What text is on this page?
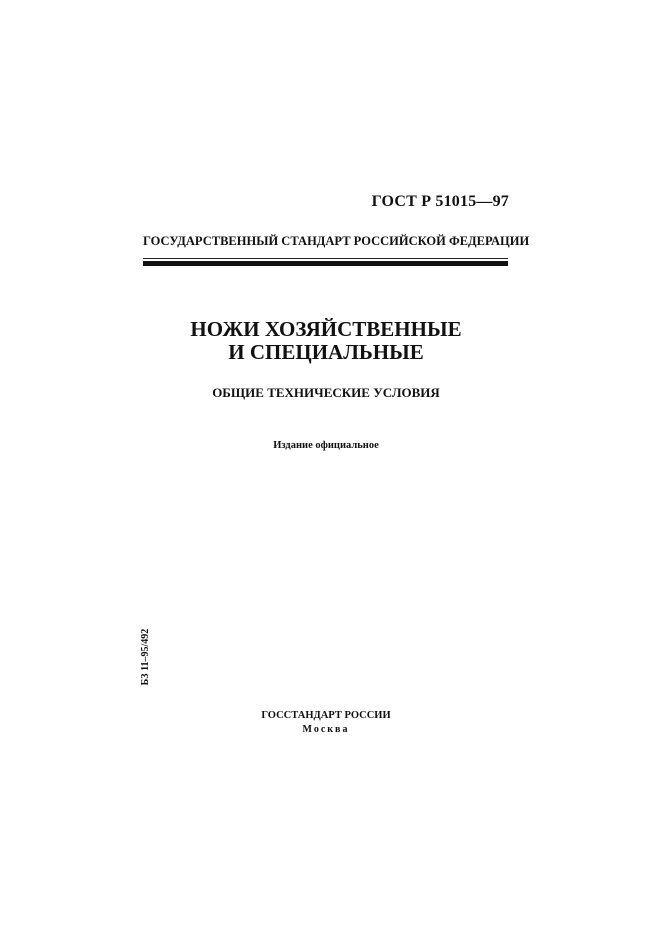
ГОСТ Р 51015—97
ГОСУДАРСТВЕННЫЙ СТАНДАРТ РОССИЙСКОЙ ФЕДЕРАЦИИ
НОЖИ ХОЗЯЙСТВЕННЫЕ
И СПЕЦИАЛЬНЫЕ
ОБЩИЕ ТЕХНИЧЕСКИЕ УСЛОВИЯ
Издание официальное
БЗ 11–95/492
ГОССТАНДАРТ РОССИИ
Москва
